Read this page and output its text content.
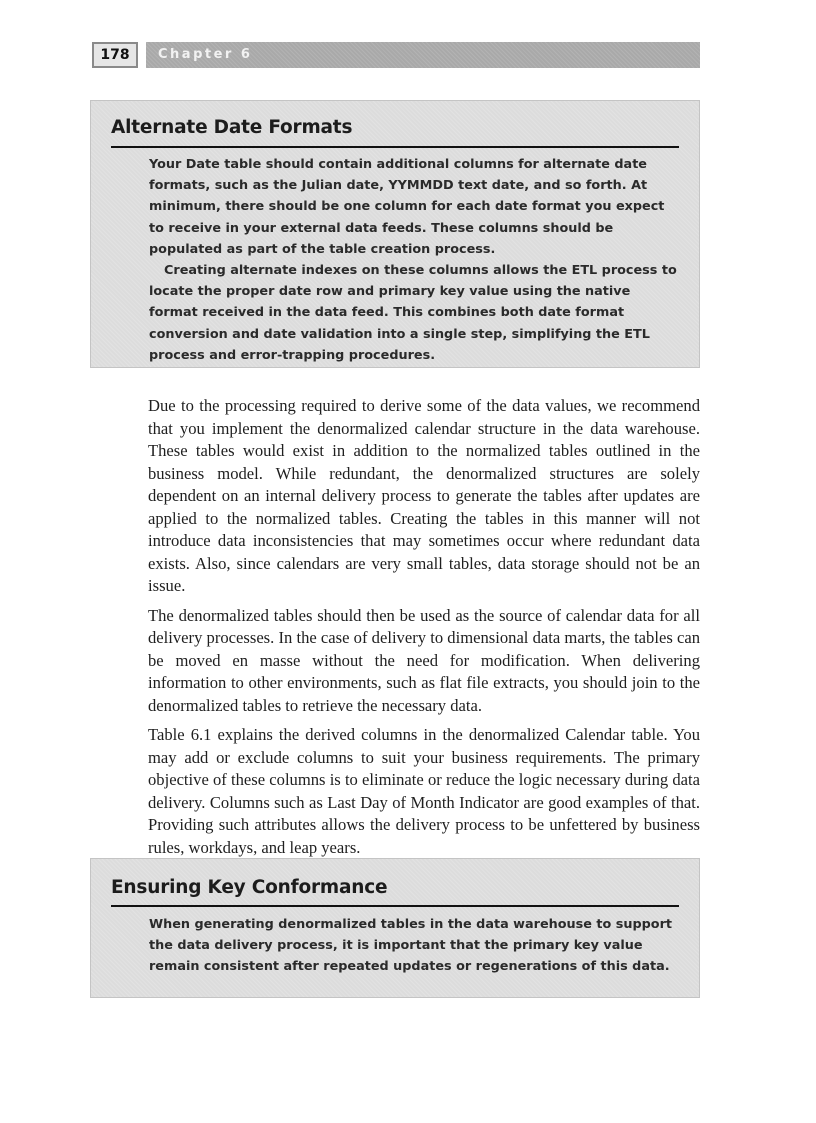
178	Chapter 6
Alternate Date Formats

Your Date table should contain additional columns for alternate date formats, such as the Julian date, YYMMDD text date, and so forth. At minimum, there should be one column for each date format you expect to receive in your external data feeds. These columns should be populated as part of the table creation process.

Creating alternate indexes on these columns allows the ETL process to locate the proper date row and primary key value using the native format received in the data feed. This combines both date format conversion and date validation into a single step, simplifying the ETL process and error-trapping procedures.

Due to the processing required to derive some of the data values, we recommend that you implement the denormalized calendar structure in the data warehouse. These tables would exist in addition to the normalized tables outlined in the business model. While redundant, the denormalized structures are solely dependent on an internal delivery process to generate the tables after updates are applied to the normalized tables. Creating the tables in this manner will not introduce data inconsistencies that may sometimes occur where redundant data exists. Also, since calendars are very small tables, data storage should not be an issue.

The denormalized tables should then be used as the source of calendar data for all delivery processes. In the case of delivery to dimensional data marts, the tables can be moved en masse without the need for modification. When delivering information to other environments, such as flat file extracts, you should join to the denormalized tables to retrieve the necessary data.

Table 6.1 explains the derived columns in the denormalized Calendar table. You may add or exclude columns to suit your business requirements. The primary objective of these columns is to eliminate or reduce the logic necessary during data delivery. Columns such as Last Day of Month Indicator are good examples of that. Providing such attributes allows the delivery process to be unfettered by business rules, workdays, and leap years.

Ensuring Key Conformance

When generating denormalized tables in the data warehouse to support the data delivery process, it is important that the primary key value remain consistent after repeated updates or regenerations of this data.
